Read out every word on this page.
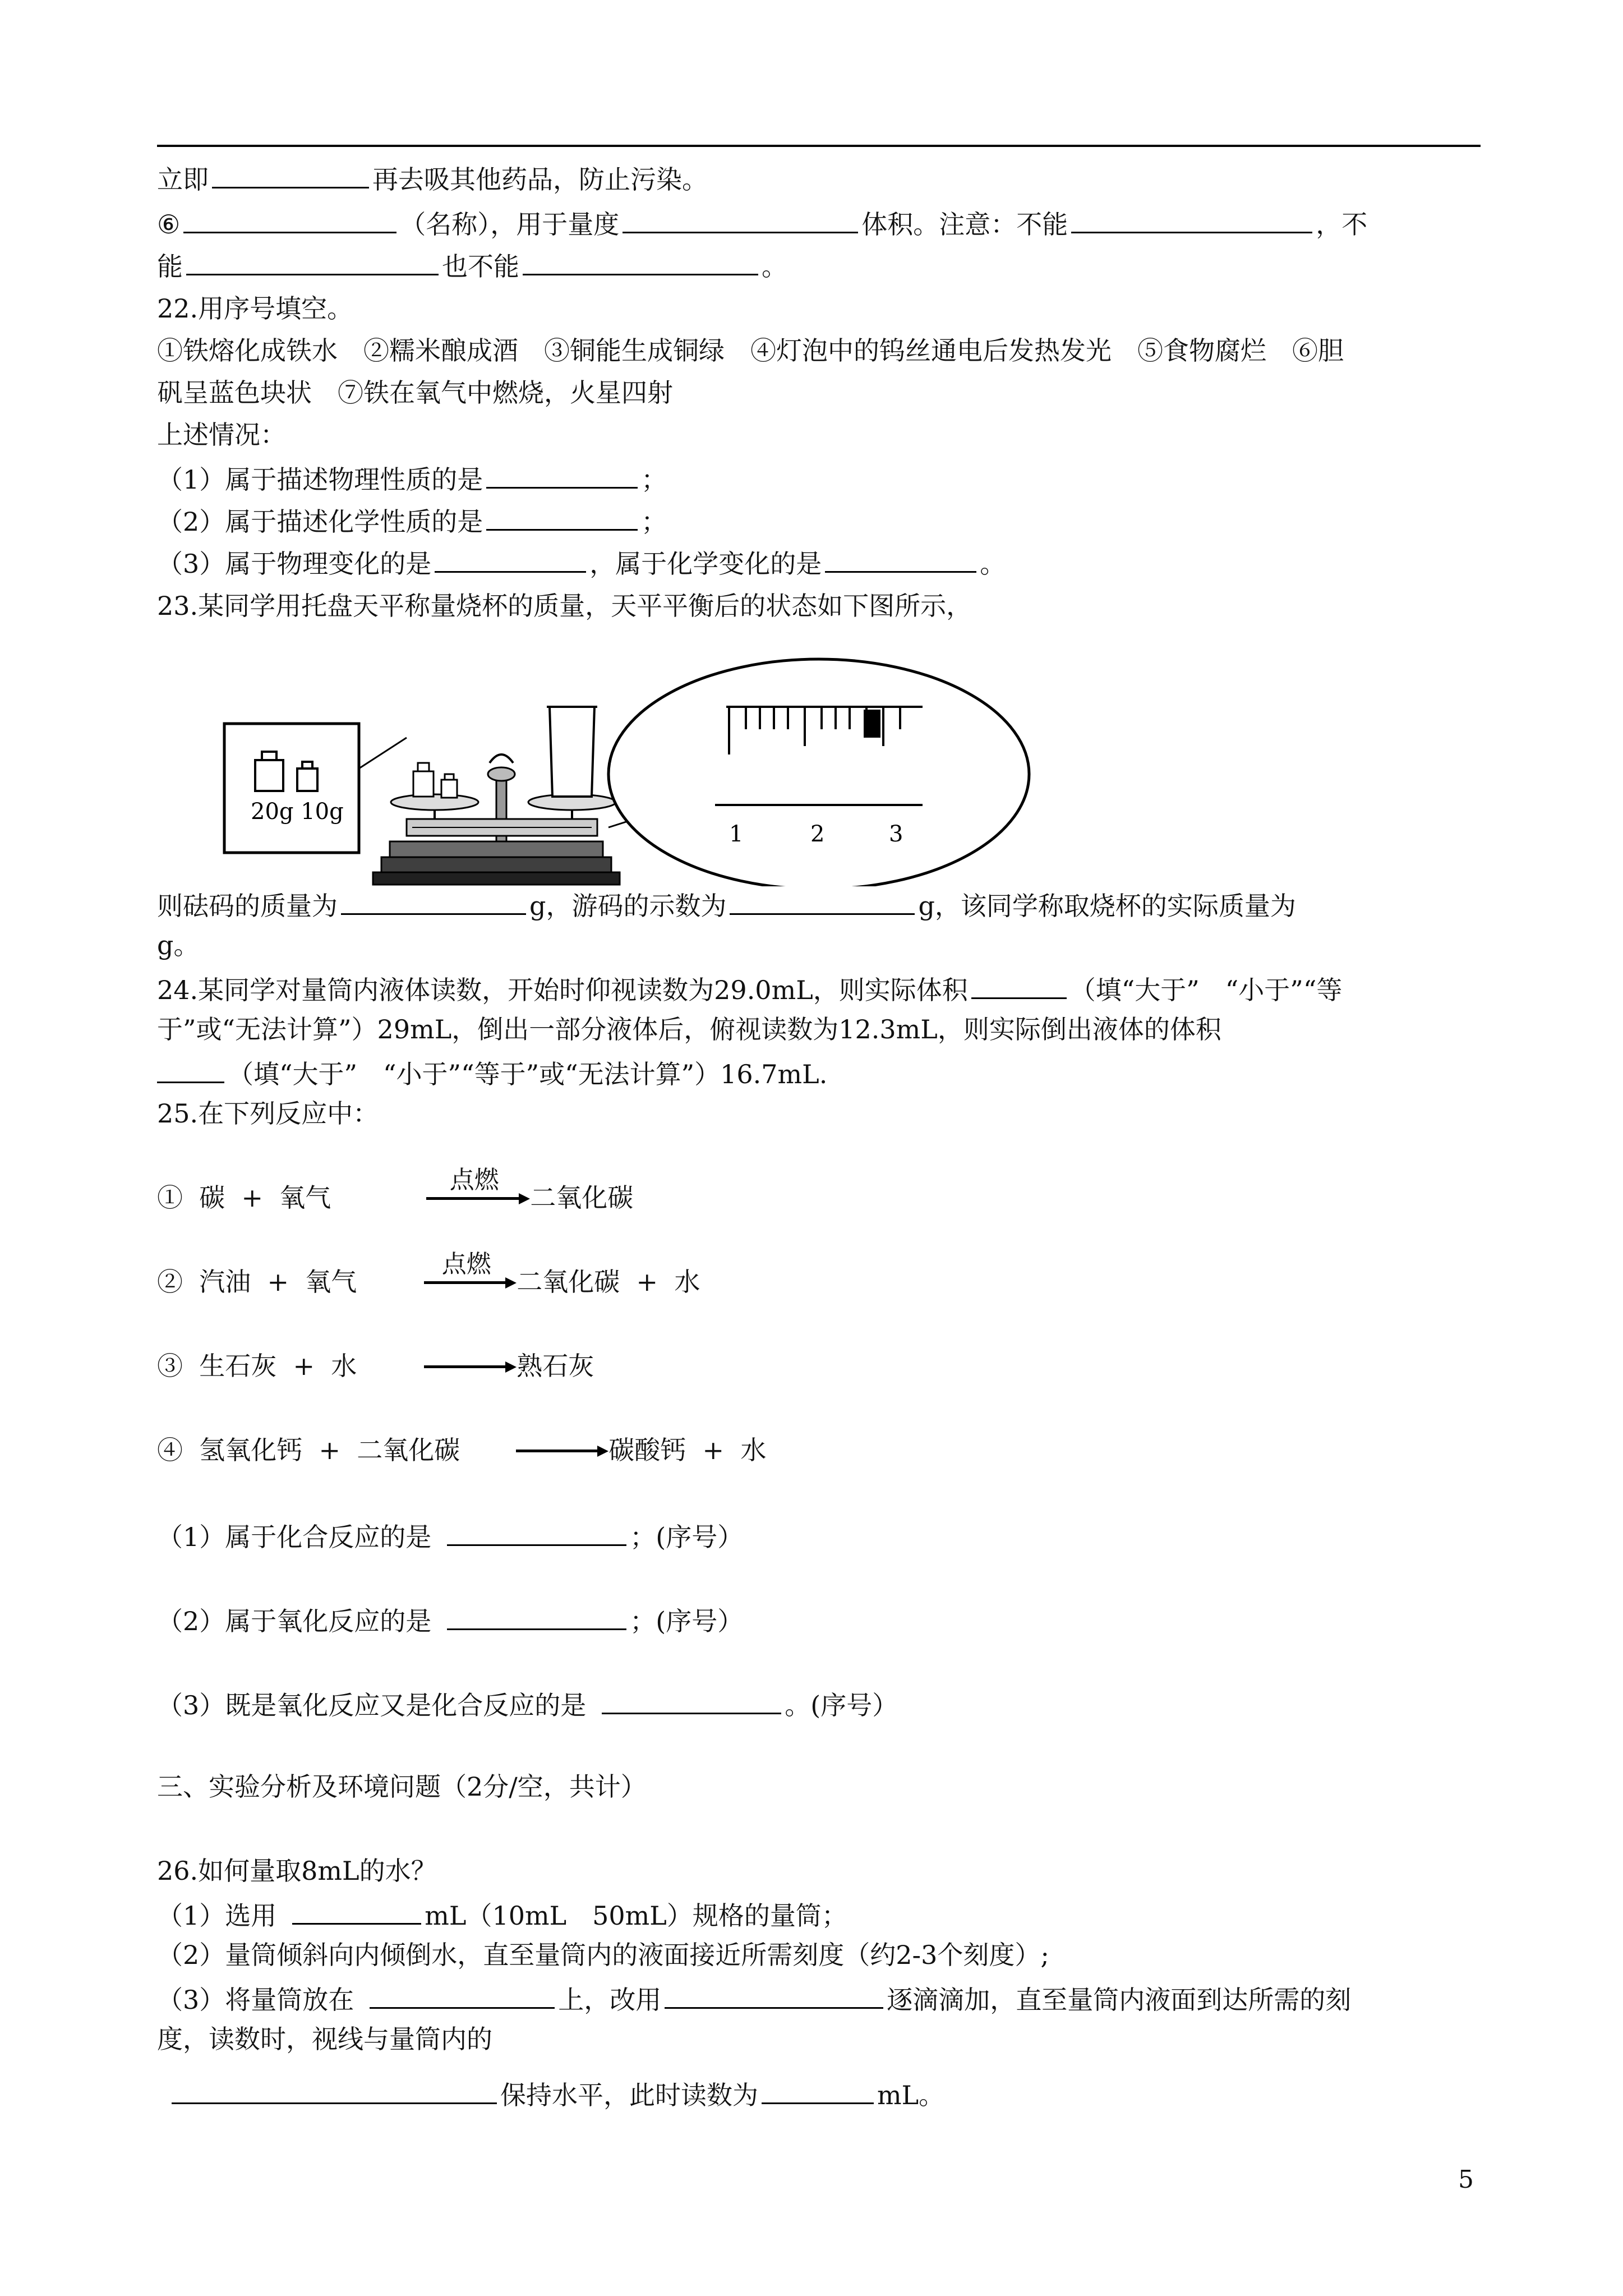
立即	再去吸其他药品，防止污染。
⑥	（名称），用于量度	体积。注意：不能	，不
能	也不能	。
22.用序号填空。
①铁熔化成铁水　②糯米酿成酒　③铜能生成铜绿　④灯泡中的钨丝通电后发热发光　⑤食物腐烂　⑥胆
矾呈蓝色块状　⑦铁在氧气中燃烧，火星四射
上述情况：
（1）属于描述物理性质的是	；
（2）属于描述化学性质的是	；
（3）属于物理变化的是	，属于化学变化的是	。
23.某同学用托盘天平称量烧杯的质量，天平平衡后的状态如下图所示，
20g 10g
1	2	3
则砝码的质量为	g，游码的示数为	g，该同学称取烧杯的实际质量为
g。
24.某同学对量筒内液体读数，开始时仰视读数为29.0mL，则实际体积	（填“大于”　“小于”“等
于”或“无法计算”）29mL，倒出一部分液体后，俯视读数为12.3mL，则实际倒出液体的体积
（填“大于”　“小于”“等于”或“无法计算”）16.7mL.
25.在下列反应中：
①  碳  +  氧气
点燃
二氧化碳
②  汽油  +  氧气
点燃
二氧化碳  +  水
③  生石灰  +  水	熟石灰
④  氢氧化钙  +  二氧化碳	碳酸钙  +  水
（1）属于化合反应的是	；(序号）
（2）属于氧化反应的是	；(序号）
（3）既是氧化反应又是化合反应的是	。(序号）
三、实验分析及环境问题（2分/空，共计）
26.如何量取8mL的水？
（1）选用	mL（10mL　50mL）规格的量筒；
（2）量筒倾斜向内倾倒水，直至量筒内的液面接近所需刻度（约2-3个刻度）;
（3）将量筒放在	上，改用	逐滴滴加，直至量筒内液面到达所需的刻
度，读数时，视线与量筒内的
保持水平，此时读数为	mL。
5
